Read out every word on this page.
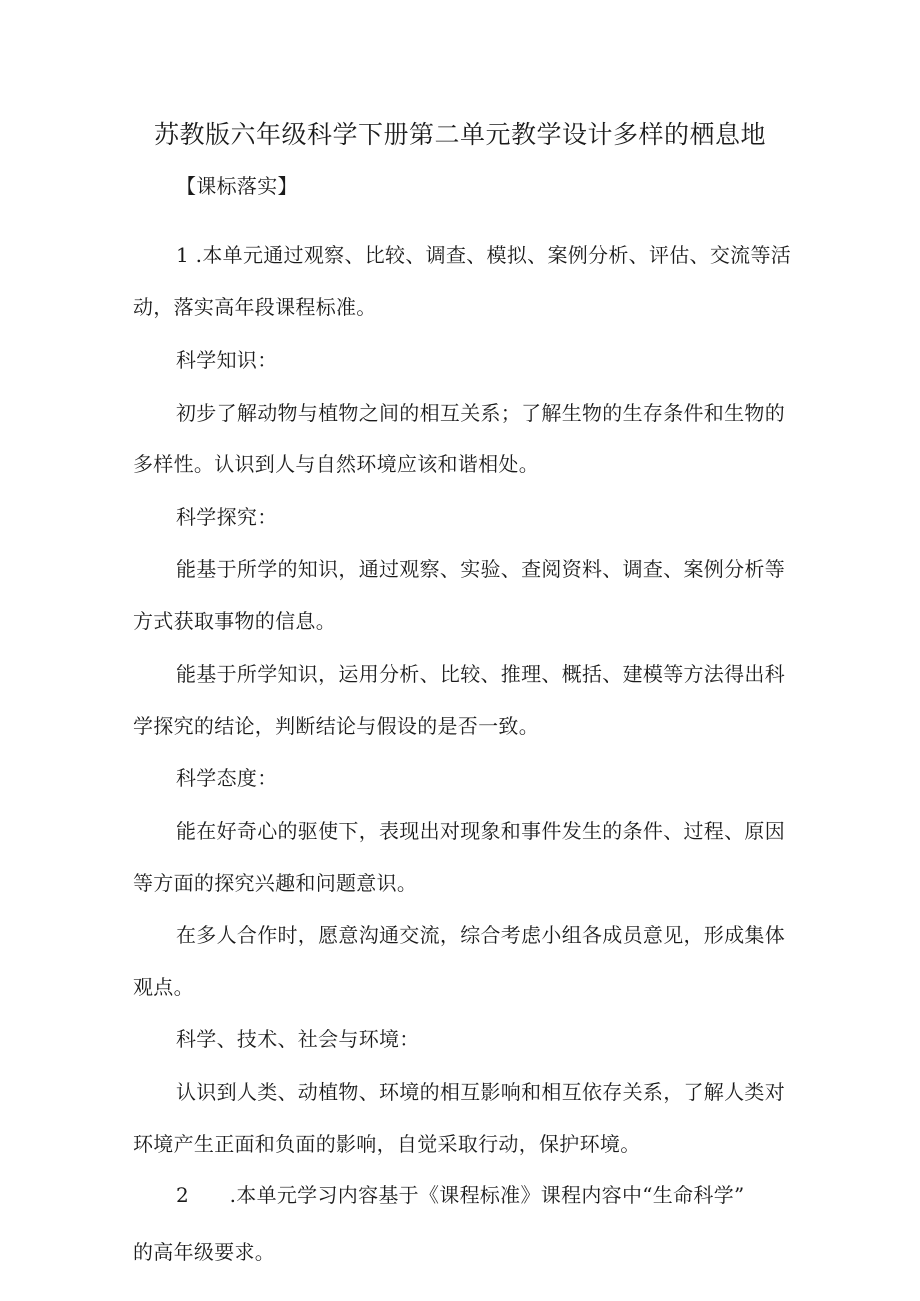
苏教版六年级科学下册第二单元教学设计多样的栖息地

【课标落实】

1 .本单元通过观察、比较、调查、模拟、案例分析、评估、交流等活

动，落实高年段课程标准。

科学知识：

初步了解动物与植物之间的相互关系；了解生物的生存条件和生物的

多样性。认识到人与自然环境应该和谐相处。

科学探究：

能基于所学的知识，通过观察、实验、查阅资料、调查、案例分析等

方式获取事物的信息。

能基于所学知识，运用分析、比较、推理、概括、建模等方法得出科

学探究的结论，判断结论与假设的是否一致。

科学态度：

能在好奇心的驱使下，表现出对现象和事件发生的条件、过程、原因

等方面的探究兴趣和问题意识。

在多人合作时，愿意沟通交流，综合考虑小组各成员意见，形成集体

观点。

科学、技术、社会与环境：

认识到人类、动植物、环境的相互影响和相互依存关系，了解人类对

环境产生正面和负面的影响，自觉采取行动，保护环境。

2　　.本单元学习内容基于《课程标准》课程内容中“生命科学”

的高年级要求。
